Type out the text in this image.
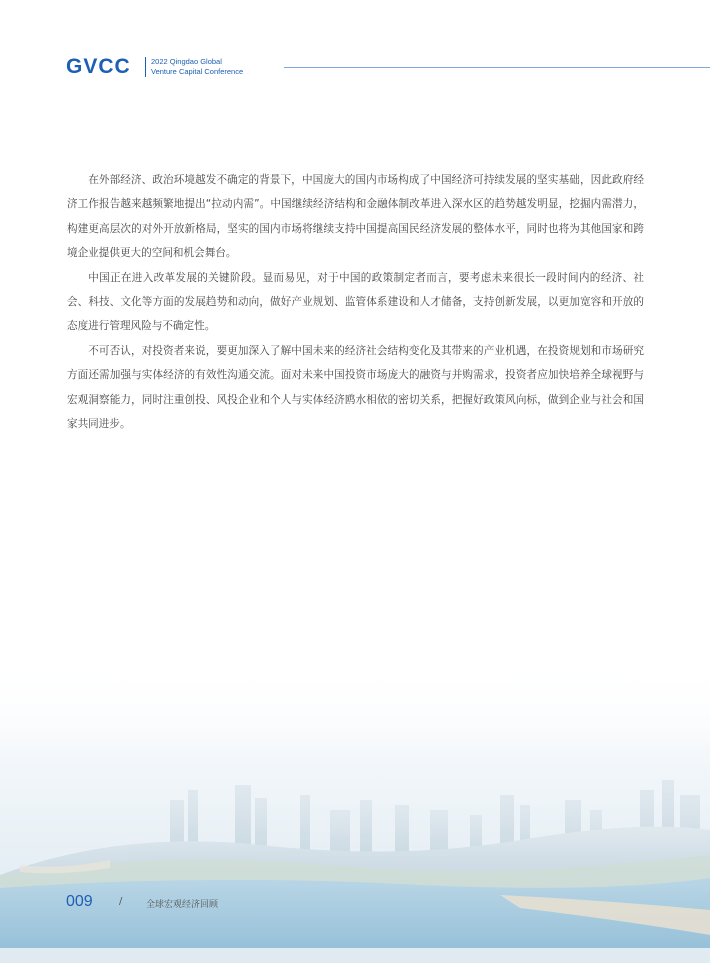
GVCC	2022 Qingdao Global
Venture Capital Conference

在外部经济、政治环境越发不确定的背景下，中国庞大的国内市场构成了中国经济可持续发展的坚实基础，因此政府经济工作报告越来越频繁地提出“拉动内需”。中国继续经济结构和金融体制改革进入深水区的趋势越发明显，挖掘内需潜力，构建更高层次的对外开放新格局，坚实的国内市场将继续支持中国提高国民经济发展的整体水平，同时也将为其他国家和跨境企业提供更大的空间和机会舞台。

中国正在进入改革发展的关键阶段。显而易见，对于中国的政策制定者而言，要考虑未来很长一段时间内的经济、社会、科技、文化等方面的发展趋势和动向，做好产业规划、监管体系建设和人才储备，支持创新发展，以更加宽容和开放的态度进行管理风险与不确定性。

不可否认，对投资者来说，要更加深入了解中国未来的经济社会结构变化及其带来的产业机遇，在投资规划和市场研究方面还需加强与实体经济的有效性沟通交流。面对未来中国投资市场庞大的融资与并购需求，投资者应加快培养全球视野与宏观洞察能力，同时注重创投、风投企业和个人与实体经济鸥水相依的密切关系，把握好政策风向标，做到企业与社会和国家共同进步。

009	/	全球宏观经济回顾
